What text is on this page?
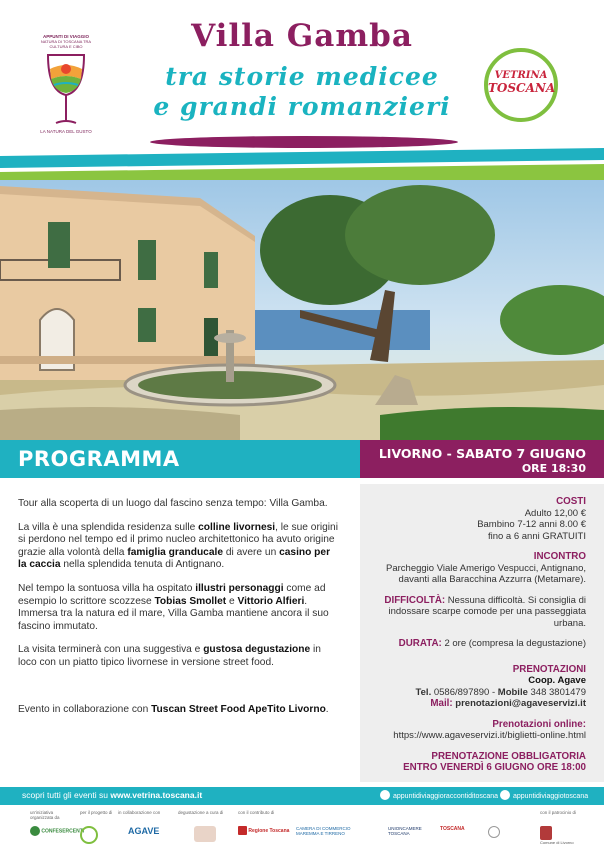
APPUNTI DI VIAGGIO
NATURA DI TOSCANA TRA CULTURA E CIBO
LA NATURA DEL GUSTO
Villa Gamba
tra storie medicee
e grandi romanzieri
VETRINA
TOSCANA
PROGRAMMA	LIVORNO - SABATO 7 GIUGNO
ORE 18:30

Tour alla scoperta di un luogo dal fascino senza tempo: Villa Gamba.

La villa è una splendida residenza sulle colline livornesi, le sue origini si perdono nel tempo ed il primo nucleo architettonico ha avuto origine grazie alla volontà della famiglia granducale di avere un casino per la caccia nella splendida tenuta di Antignano.

Nel tempo la sontuosa villa ha ospitato illustri personaggi come ad esempio lo scrittore scozzese Tobias Smollet e Vittorio Alfieri. Immersa tra la natura ed il mare, Villa Gamba mantiene ancora il suo fascino immutato.

La visita terminerà con una suggestiva e gustosa degustazione in loco con un piatto tipico livornese in versione street food.

Evento in collaborazione con Tuscan Street Food ApeTito Livorno.

COSTI
Adulto 12,00 €
Bambino 7-12 anni 8.00 €
fino a 6 anni GRATUITI
INCONTRO
Parcheggio Viale Amerigo Vespucci, Antignano,
davanti alla Baracchina Azzurra (Metamare).
DIFFICOLTÀ: Nessuna difficoltà. Si consiglia di indossare scarpe comode per una passeggiata urbana.
DURATA: 2 ore (compresa la degustazione)
PRENOTAZIONI
Coop. Agave
Tel. 0586/897890 - Mobile 348 3801479
Mail: prenotazioni@agaveservizi.it
Prenotazioni online:
https://www.agaveservizi.it/biglietti-online.html
PRENOTAZIONE OBBLIGATORIA
ENTRO VENERDÌ 6 GIUGNO ORE 18:00
scopri tutti gli eventi su www.vetrina.toscana.it	appuntidiviaggioraccontiditoscana	appuntidiviaggiotoscana
un'iniziativa organizzata da
per il progetto di	in collaborazione con	degustazione a cura di	con il contributo di	con il patrocinio di
CONFESERCENTI	AGAVE	Regione Toscana CAMERA DI COMMERCIO MAREMMA E TIRRENO
UNIONCAMERE TOSCANA
TOSCANA

Comune di Livorno
